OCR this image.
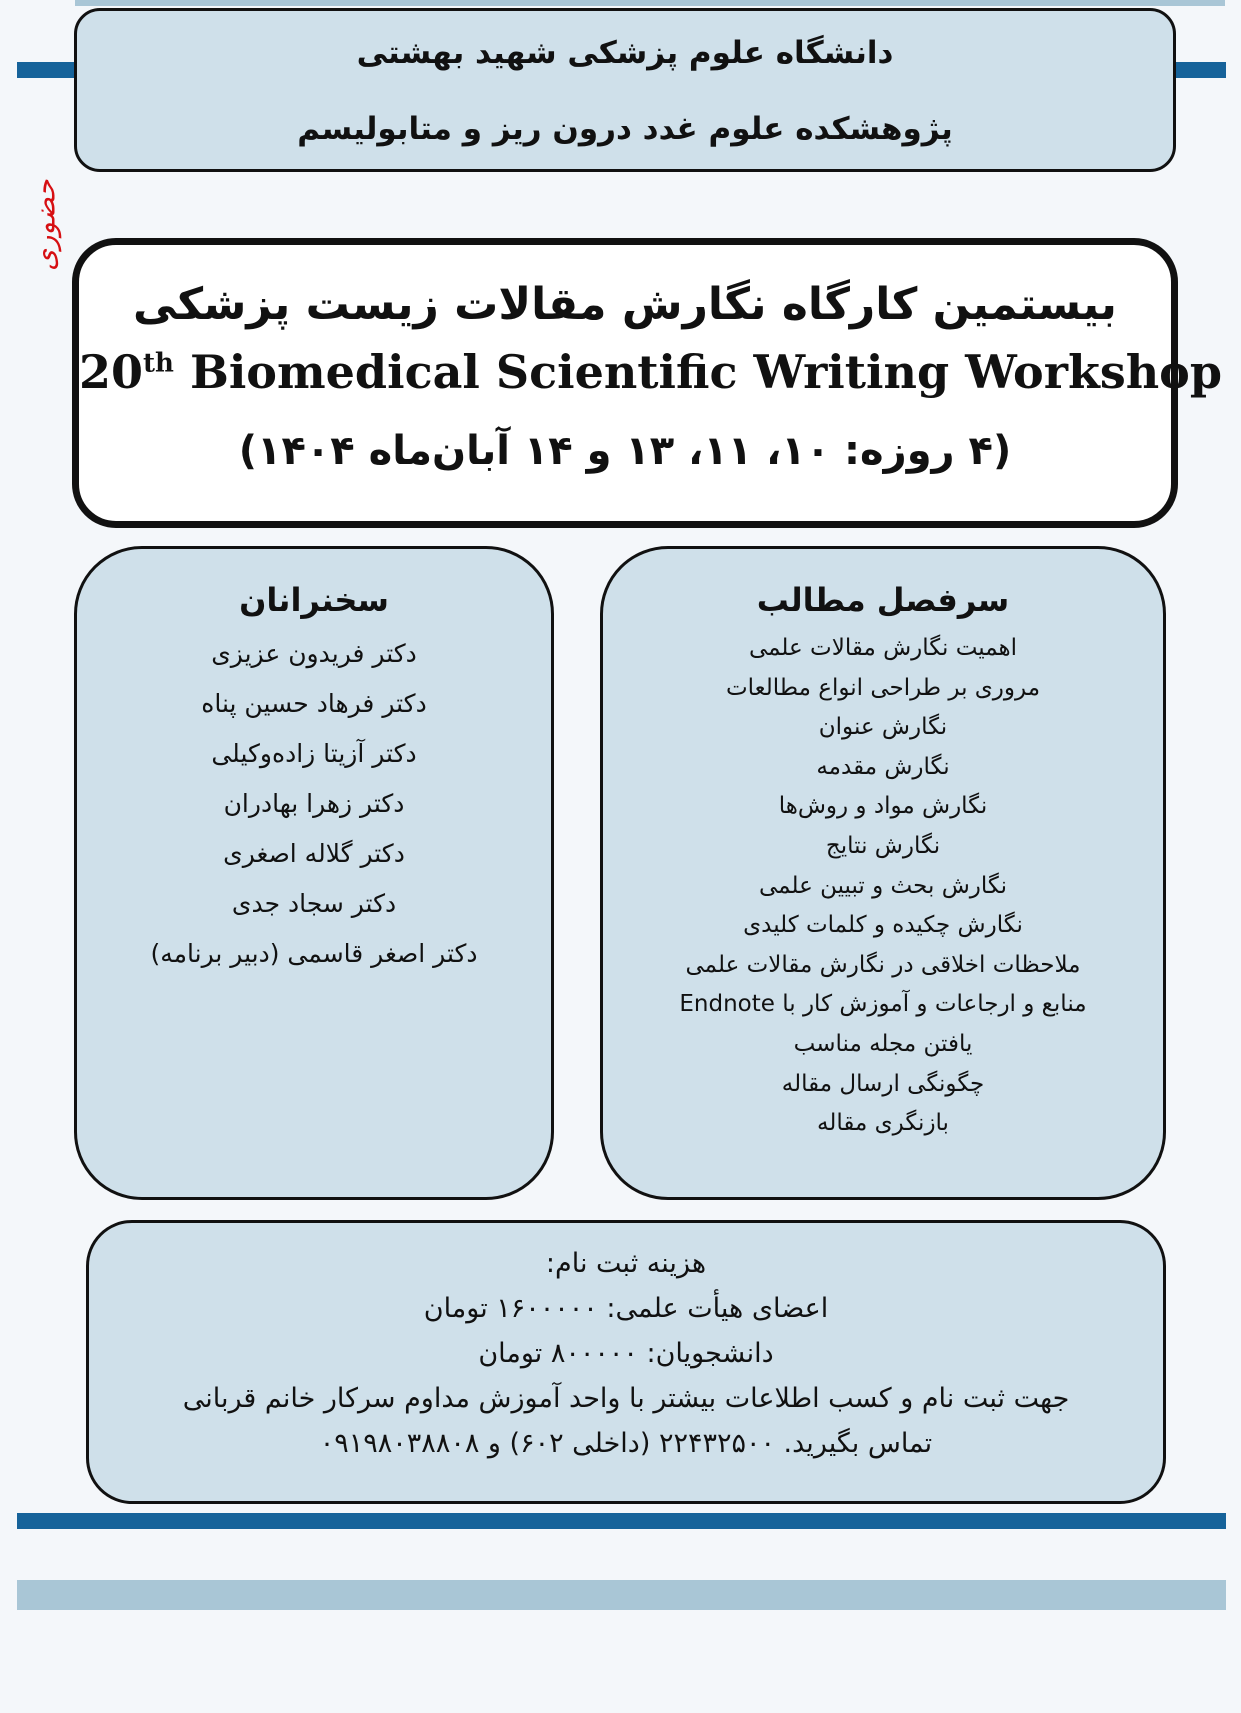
دانشگاه علوم پزشکی شهید بهشتی
پژوهشکده علوم غدد درون ریز و متابولیسم
حضوری
بیستمین کارگاه نگارش مقالات زیست پزشکی
20th Biomedical Scientific Writing Workshop
(۴ روزه: ۱۰، ۱۱، ۱۳ و ۱۴ آبان‌ماه ۱۴۰۴)
سخنرانان
دکتر فریدون عزیزی
دکتر فرهاد حسین پناه
دکتر آزیتا زاده‌وکیلی
دکتر زهرا بهادران
دکتر گلاله اصغری
دکتر سجاد جدی
دکتر اصغر قاسمی (دبیر برنامه)
سرفصل مطالب
اهمیت نگارش مقالات علمی
مروری بر طراحی انواع مطالعات
نگارش عنوان
نگارش مقدمه
نگارش مواد و روش‌ها
نگارش نتایج
نگارش بحث و تبیین علمی
نگارش چکیده و کلمات کلیدی
ملاحظات اخلاقی در نگارش مقالات علمی
منابع و ارجاعات و آموزش کار با Endnote
یافتن مجله مناسب
چگونگی ارسال مقاله
بازنگری مقاله
هزینه ثبت نام:
اعضای هیأت علمی: ۱۶۰۰۰۰۰ تومان
دانشجویان: ۸۰۰۰۰۰ تومان
جهت ثبت نام و کسب اطلاعات بیشتر با واحد آموزش مداوم سرکار خانم قربانی تماس بگیرید. ۲۲۴۳۲۵۰۰ (داخلی ۶۰۲) و ۰۹۱۹۸۰۳۸۸۰۸
